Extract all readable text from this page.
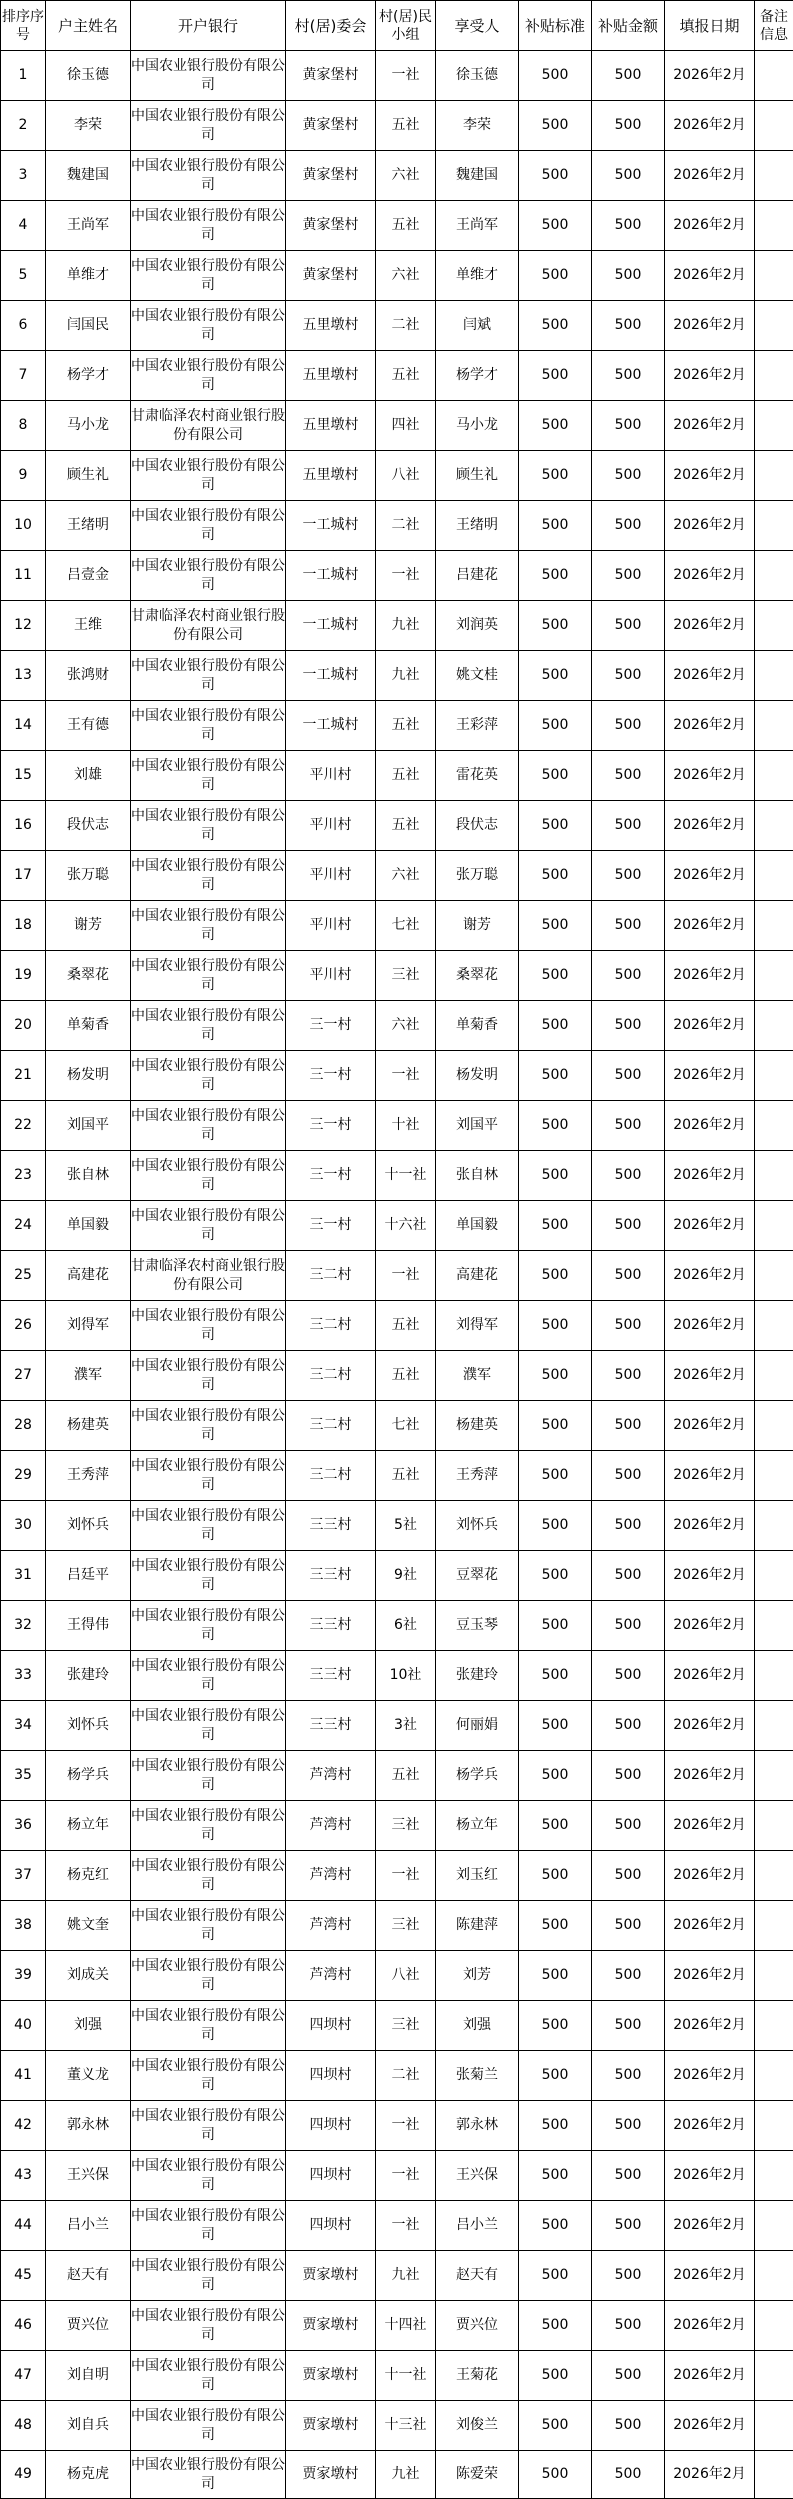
排序序号	户主姓名	开户银行	村(居)委会	村(居)民小组	享受人	补贴标准	补贴金额	填报日期	备注信息
1	徐玉德	中国农业银行股份有限公司	黄家堡村	一社	徐玉德	500	500	2026年2月	
2	李荣	中国农业银行股份有限公司	黄家堡村	五社	李荣	500	500	2026年2月	
3	魏建国	中国农业银行股份有限公司	黄家堡村	六社	魏建国	500	500	2026年2月	
4	王尚军	中国农业银行股份有限公司	黄家堡村	五社	王尚军	500	500	2026年2月	
5	单维才	中国农业银行股份有限公司	黄家堡村	六社	单维才	500	500	2026年2月	
6	闫国民	中国农业银行股份有限公司	五里墩村	二社	闫斌	500	500	2026年2月	
7	杨学才	中国农业银行股份有限公司	五里墩村	五社	杨学才	500	500	2026年2月	
8	马小龙	甘肃临泽农村商业银行股份有限公司	五里墩村	四社	马小龙	500	500	2026年2月	
9	顾生礼	中国农业银行股份有限公司	五里墩村	八社	顾生礼	500	500	2026年2月	
10	王绪明	中国农业银行股份有限公司	一工城村	二社	王绪明	500	500	2026年2月	
11	吕壹金	中国农业银行股份有限公司	一工城村	一社	吕建花	500	500	2026年2月	
12	王维	甘肃临泽农村商业银行股份有限公司	一工城村	九社	刘润英	500	500	2026年2月	
13	张鸿财	中国农业银行股份有限公司	一工城村	九社	姚文桂	500	500	2026年2月	
14	王有德	中国农业银行股份有限公司	一工城村	五社	王彩萍	500	500	2026年2月	
15	刘雄	中国农业银行股份有限公司	平川村	五社	雷花英	500	500	2026年2月	
16	段伏志	中国农业银行股份有限公司	平川村	五社	段伏志	500	500	2026年2月	
17	张万聪	中国农业银行股份有限公司	平川村	六社	张万聪	500	500	2026年2月	
18	谢芳	中国农业银行股份有限公司	平川村	七社	谢芳	500	500	2026年2月	
19	桑翠花	中国农业银行股份有限公司	平川村	三社	桑翠花	500	500	2026年2月	
20	单菊香	中国农业银行股份有限公司	三一村	六社	单菊香	500	500	2026年2月	
21	杨发明	中国农业银行股份有限公司	三一村	一社	杨发明	500	500	2026年2月	
22	刘国平	中国农业银行股份有限公司	三一村	十社	刘国平	500	500	2026年2月	
23	张自林	中国农业银行股份有限公司	三一村	十一社	张自林	500	500	2026年2月	
24	单国毅	中国农业银行股份有限公司	三一村	十六社	单国毅	500	500	2026年2月	
25	高建花	甘肃临泽农村商业银行股份有限公司	三二村	一社	高建花	500	500	2026年2月	
26	刘得军	中国农业银行股份有限公司	三二村	五社	刘得军	500	500	2026年2月	
27	濮军	中国农业银行股份有限公司	三二村	五社	濮军	500	500	2026年2月	
28	杨建英	中国农业银行股份有限公司	三二村	七社	杨建英	500	500	2026年2月	
29	王秀萍	中国农业银行股份有限公司	三二村	五社	王秀萍	500	500	2026年2月	
30	刘怀兵	中国农业银行股份有限公司	三三村	5社	刘怀兵	500	500	2026年2月	
31	吕廷平	中国农业银行股份有限公司	三三村	9社	豆翠花	500	500	2026年2月	
32	王得伟	中国农业银行股份有限公司	三三村	6社	豆玉琴	500	500	2026年2月	
33	张建玲	中国农业银行股份有限公司	三三村	10社	张建玲	500	500	2026年2月	
34	刘怀兵	中国农业银行股份有限公司	三三村	3社	何丽娟	500	500	2026年2月	
35	杨学兵	中国农业银行股份有限公司	芦湾村	五社	杨学兵	500	500	2026年2月	
36	杨立年	中国农业银行股份有限公司	芦湾村	三社	杨立年	500	500	2026年2月	
37	杨克红	中国农业银行股份有限公司	芦湾村	一社	刘玉红	500	500	2026年2月	
38	姚文奎	中国农业银行股份有限公司	芦湾村	三社	陈建萍	500	500	2026年2月	
39	刘成关	中国农业银行股份有限公司	芦湾村	八社	刘芳	500	500	2026年2月	
40	刘强	中国农业银行股份有限公司	四坝村	三社	刘强	500	500	2026年2月	
41	董义龙	中国农业银行股份有限公司	四坝村	二社	张菊兰	500	500	2026年2月	
42	郭永林	中国农业银行股份有限公司	四坝村	一社	郭永林	500	500	2026年2月	
43	王兴保	中国农业银行股份有限公司	四坝村	一社	王兴保	500	500	2026年2月	
44	吕小兰	中国农业银行股份有限公司	四坝村	一社	吕小兰	500	500	2026年2月	
45	赵天有	中国农业银行股份有限公司	贾家墩村	九社	赵天有	500	500	2026年2月	
46	贾兴位	中国农业银行股份有限公司	贾家墩村	十四社	贾兴位	500	500	2026年2月	
47	刘自明	中国农业银行股份有限公司	贾家墩村	十一社	王菊花	500	500	2026年2月	
48	刘自兵	中国农业银行股份有限公司	贾家墩村	十三社	刘俊兰	500	500	2026年2月	
49	杨克虎	中国农业银行股份有限公司	贾家墩村	九社	陈爱荣	500	500	2026年2月	
